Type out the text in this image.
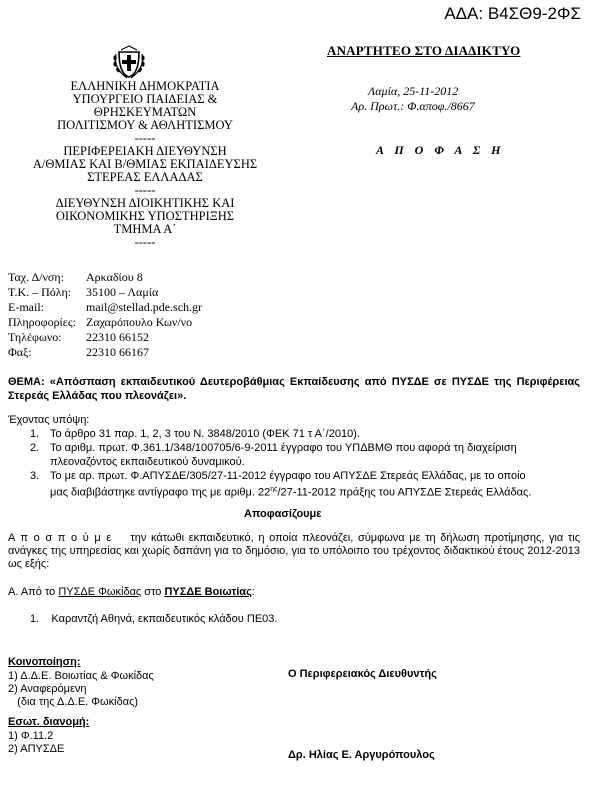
ΑΔΑ: Β4ΣΘ9-2ΦΣ
ΕΛΛΗΝΙΚΗ ΔΗΜΟΚΡΑΤΙΑ
ΥΠΟΥΡΓΕΙΟ ΠΑΙΔΕΙΑΣ &
ΘΡΗΣΚΕΥΜΑΤΩΝ
ΠΟΛΙΤΙΣΜΟΥ & ΑΘΛΗΤΙΣΜΟΥ
-----
ΠΕΡΙΦΕΡΕΙΑΚΗ ΔΙΕΥΘΥΝΣΗ
Α/ΘΜΙΑΣ ΚΑΙ Β/ΘΜΙΑΣ ΕΚΠΑΙΔΕΥΣΗΣ
ΣΤΕΡΕΑΣ ΕΛΛΑΔΑΣ
-----
ΔΙΕΥΘΥΝΣΗ ΔΙΟΙΚΗΤΙΚΗΣ ΚΑΙ
ΟΙΚΟΝΟΜΙΚΗΣ ΥΠΟΣΤΗΡΙΞΗΣ
ΤΜΗΜΑ Α΄
-----
ΑΝΑΡΤΗΤΕΟ ΣΤΟ ΔΙΑΔΙΚΤΥΟ
Λαμία, 25-11-2012
Αρ. Πρωτ.: Φ.αποφ./8667
Α Π Ο Φ Α Σ Η
Ταχ. Δ/νση:	Αρκαδίου 8
Τ.Κ. – Πόλη:	35100 – Λαμία
E-mail:	mail@stellad.pde.sch.gr
Πληροφορίες: Ζαχαρόπουλο Κων/νο
Τηλέφωνο:	22310 66152
Φαξ:	22310 66167
ΘΕΜΑ: «Απόσπαση εκπαιδευτικού Δευτεροβάθμιας Εκπαίδευσης από ΠΥΣΔΕ σε ΠΥΣΔΕ της Περιφέρειας Στερεάς Ελλάδας που πλεονάζει».
Έχοντας υπόψη:
1. Το άρθρο 31 παρ. 1, 2, 3 του Ν. 3848/2010 (ΦΕΚ 71 τ Α΄/2010).
2. Το αριθμ. πρωτ. Φ.361.1/348/100705/6-9-2011 έγγραφο του ΥΠΔΒΜΘ που αφορά τη διαχείριση
πλεοναζόντος εκπαιδευτικού δυναμικού.
3. Το με αρ. πρωτ. Φ.ΑΠΥΣΔΕ/305/27-11-2012 έγγραφο του ΑΠΥΣΔΕ Στερεάς Ελλάδας, με το οποίο
μας διαβιβάστηκε αντίγραφο της με αριθμ. $22^{\eta\varsigma}/27-11-2012$ πράξης του ΑΠΥΣΔΕ Στερεάς Ελλάδας.
Αποφασίζουμε
Α π ο σ π ο ύ μ ε την κάτωθι εκπαιδευτικό, η οποία πλεονάζει, σύμφωνα με τη δήλωση προτίμησης, για τις ανάγκες της υπηρεσίας και χωρίς δαπάνη για το δημόσιο, για το υπόλοιπο του τρέχοντος διδακτικού έτους 2012-2013 ως εξής:
Α. Από το ΠΥΣΔΕ Φωκίδας στο ΠΥΣΔΕ Βοιωτίας:
1. Καραντζή Αθηνά, εκπαιδευτικός κλάδου ΠΕ03.
Κοινοποίηση:
1) Δ.Δ.Ε. Βοιωτίας & Φωκίδας
2) Αναφερόμενη
(δια της Δ.Δ.Ε. Φωκίδας)
Εσωτ. διανομή:
1) Φ.11.2
2) ΑΠΥΣΔΕ
Ο Περιφερειακός Διευθυντής
Δρ. Ηλίας Ε. Αργυρόπουλος
